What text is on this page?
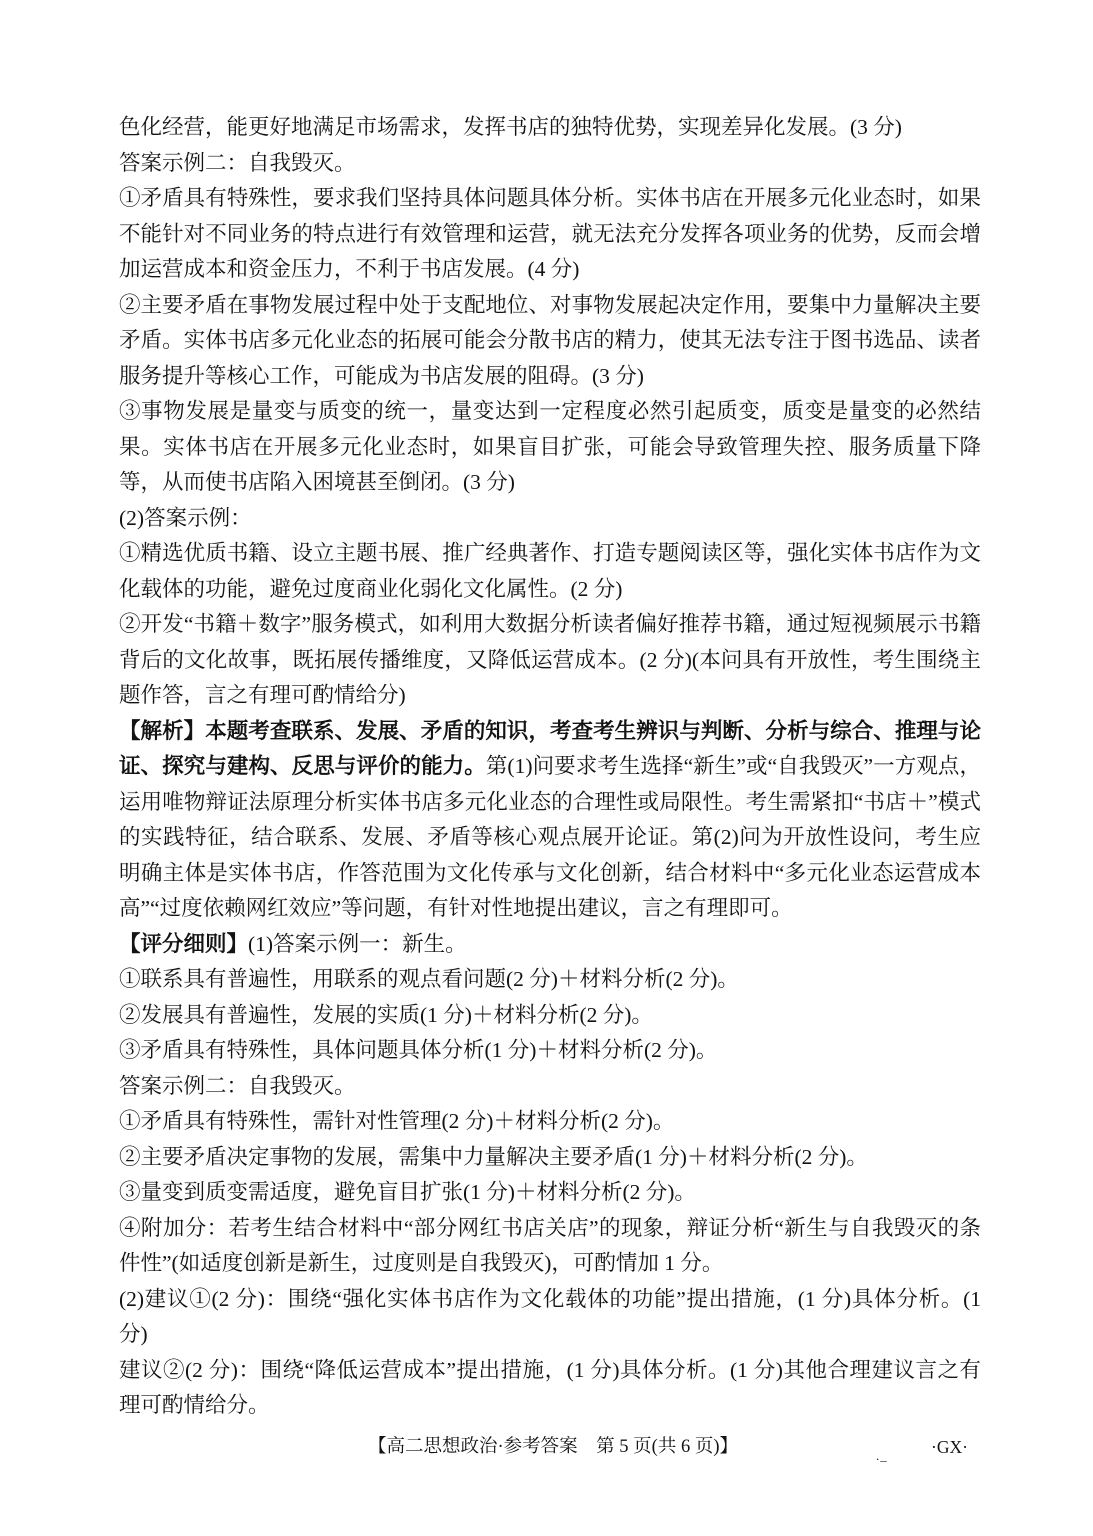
色化经营，能更好地满足市场需求，发挥书店的独特优势，实现差异化发展。(3 分)

答案示例二：自我毁灭。

①矛盾具有特殊性，要求我们坚持具体问题具体分析。实体书店在开展多元化业态时，如果不能针对不同业务的特点进行有效管理和运营，就无法充分发挥各项业务的优势，反而会增加运营成本和资金压力，不利于书店发展。(4 分)

②主要矛盾在事物发展过程中处于支配地位、对事物发展起决定作用，要集中力量解决主要矛盾。实体书店多元化业态的拓展可能会分散书店的精力，使其无法专注于图书选品、读者服务提升等核心工作，可能成为书店发展的阻碍。(3 分)

③事物发展是量变与质变的统一，量变达到一定程度必然引起质变，质变是量变的必然结果。实体书店在开展多元化业态时，如果盲目扩张，可能会导致管理失控、服务质量下降等，从而使书店陷入困境甚至倒闭。(3 分)

(2)答案示例：

①精选优质书籍、设立主题书展、推广经典著作、打造专题阅读区等，强化实体书店作为文化载体的功能，避免过度商业化弱化文化属性。(2 分)

②开发“书籍＋数字”服务模式，如利用大数据分析读者偏好推荐书籍，通过短视频展示书籍背后的文化故事，既拓展传播维度，又降低运营成本。(2 分)(本问具有开放性，考生围绕主题作答，言之有理可酌情给分)

【解析】本题考查联系、发展、矛盾的知识，考查考生辨识与判断、分析与综合、推理与论证、探究与建构、反思与评价的能力。第(1)问要求考生选择“新生”或“自我毁灭”一方观点，运用唯物辩证法原理分析实体书店多元化业态的合理性或局限性。考生需紧扣“书店＋”模式的实践特征，结合联系、发展、矛盾等核心观点展开论证。第(2)问为开放性设问，考生应明确主体是实体书店，作答范围为文化传承与文化创新，结合材料中“多元化业态运营成本高”“过度依赖网红效应”等问题，有针对性地提出建议，言之有理即可。

【评分细则】(1)答案示例一：新生。

①联系具有普遍性，用联系的观点看问题(2 分)＋材料分析(2 分)。

②发展具有普遍性，发展的实质(1 分)＋材料分析(2 分)。

③矛盾具有特殊性，具体问题具体分析(1 分)＋材料分析(2 分)。

答案示例二：自我毁灭。

①矛盾具有特殊性，需针对性管理(2 分)＋材料分析(2 分)。

②主要矛盾决定事物的发展，需集中力量解决主要矛盾(1 分)＋材料分析(2 分)。

③量变到质变需适度，避免盲目扩张(1 分)＋材料分析(2 分)。

④附加分：若考生结合材料中“部分网红书店关店”的现象，辩证分析“新生与自我毁灭的条件性”(如适度创新是新生，过度则是自我毁灭)，可酌情加 1 分。

(2)建议①(2 分)：围绕“强化实体书店作为文化载体的功能”提出措施，(1 分)具体分析。(1 分)

建议②(2 分)：围绕“降低运营成本”提出措施，(1 分)具体分析。(1 分)其他合理建议言之有理可酌情给分。

【高二思想政治·参考答案　第 5 页(共 6 页)】	._ ·GX·
